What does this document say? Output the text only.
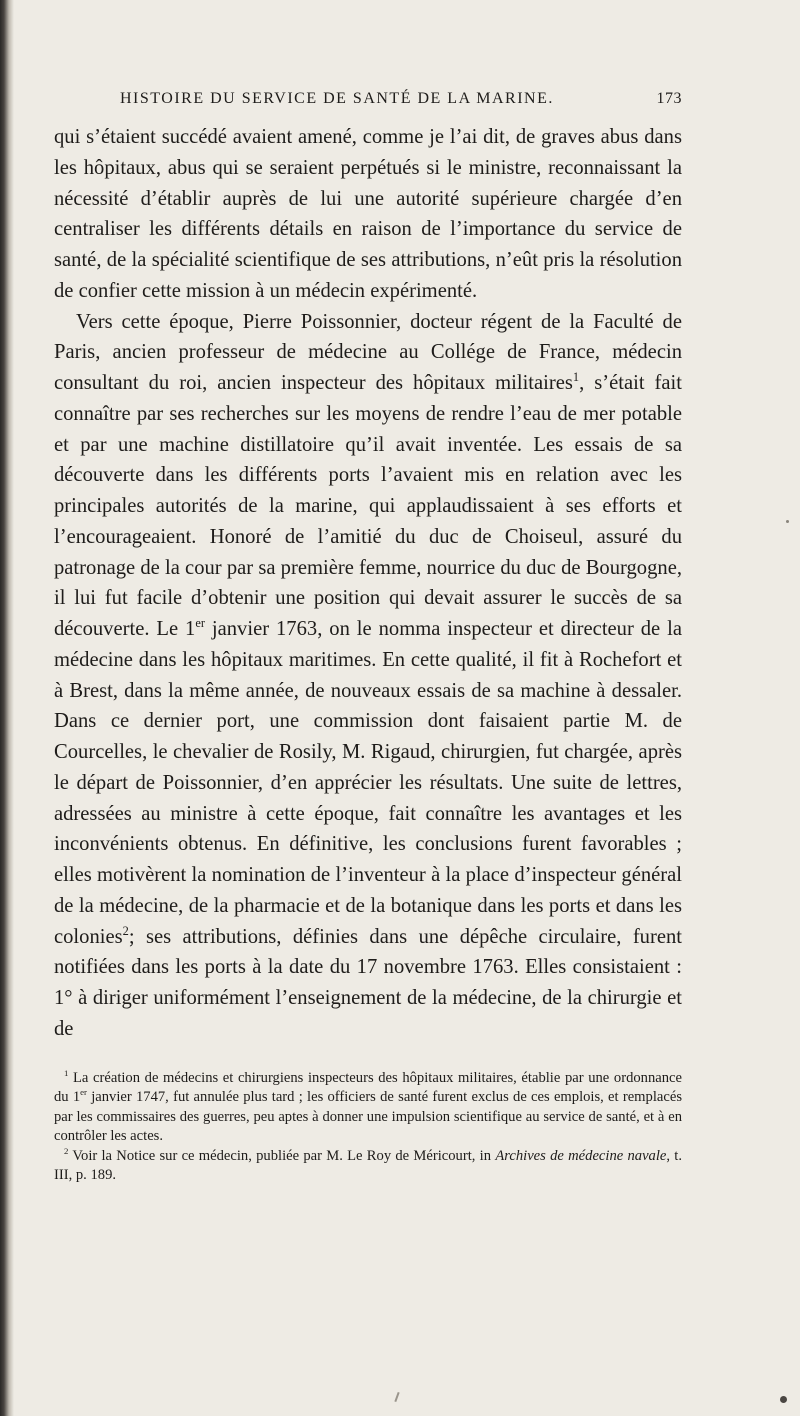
HISTOIRE DU SERVICE DE SANTÉ DE LA MARINE.	173

qui s’étaient succédé avaient amené, comme je l’ai dit, de graves abus dans les hôpitaux, abus qui se seraient perpétués si le ministre, reconnaissant la nécessité d’établir auprès de lui une autorité supérieure chargée d’en centraliser les différents détails en raison de l’importance du service de santé, de la spécialité scientifique de ses attributions, n’eût pris la résolution de confier cette mission à un médecin expérimenté.

Vers cette époque, Pierre Poissonnier, docteur régent de la Faculté de Paris, ancien professeur de médecine au Collége de France, médecin consultant du roi, ancien inspecteur des hôpitaux militaires$^1$, s’était fait connaître par ses recherches sur les moyens de rendre l’eau de mer potable et par une machine distillatoire qu’il avait inventée. Les essais de sa découverte dans les différents ports l’avaient mis en relation avec les principales autorités de la marine, qui applaudissaient à ses efforts et l’encourageaient. Honoré de l’amitié du duc de Choiseul, assuré du patronage de la cour par sa première femme, nourrice du duc de Bourgogne, il lui fut facile d’obtenir une position qui devait assurer le succès de sa découverte. Le 1er janvier 1763, on le nomma inspecteur et directeur de la médecine dans les hôpitaux maritimes. En cette qualité, il fit à Rochefort et à Brest, dans la même année, de nouveaux essais de sa machine à dessaler. Dans ce dernier port, une commission dont faisaient partie M. de Courcelles, le chevalier de Rosily, M. Rigaud, chirurgien, fut chargée, après le départ de Poissonnier, d’en apprécier les résultats. Une suite de lettres, adressées au ministre à cette époque, fait connaître les avantages et les inconvénients obtenus. En définitive, les conclusions furent favorables ; elles motivèrent la nomination de l’inventeur à la place d’inspecteur général de la médecine, de la pharmacie et de la botanique dans les ports et dans les colonies$^2$; ses attributions, définies dans une dépêche circulaire, furent notifiées dans les ports à la date du 17 novembre 1763. Elles consistaient : 1° à diriger uniformément l’enseignement de la médecine, de la chirurgie et de

$^1$ La création de médecins et chirurgiens inspecteurs des hôpitaux militaires, établie par une ordonnance du 1er janvier 1747, fut annulée plus tard ; les officiers de santé furent exclus de ces emplois, et remplacés par les commissaires des guerres, peu aptes à donner une impulsion scientifique au service de santé, et à en contrôler les actes.

$^2$ Voir la Notice sur ce médecin, publiée par M. Le Roy de Méricourt, in Archives de médecine navale, t. III, p. 189.
